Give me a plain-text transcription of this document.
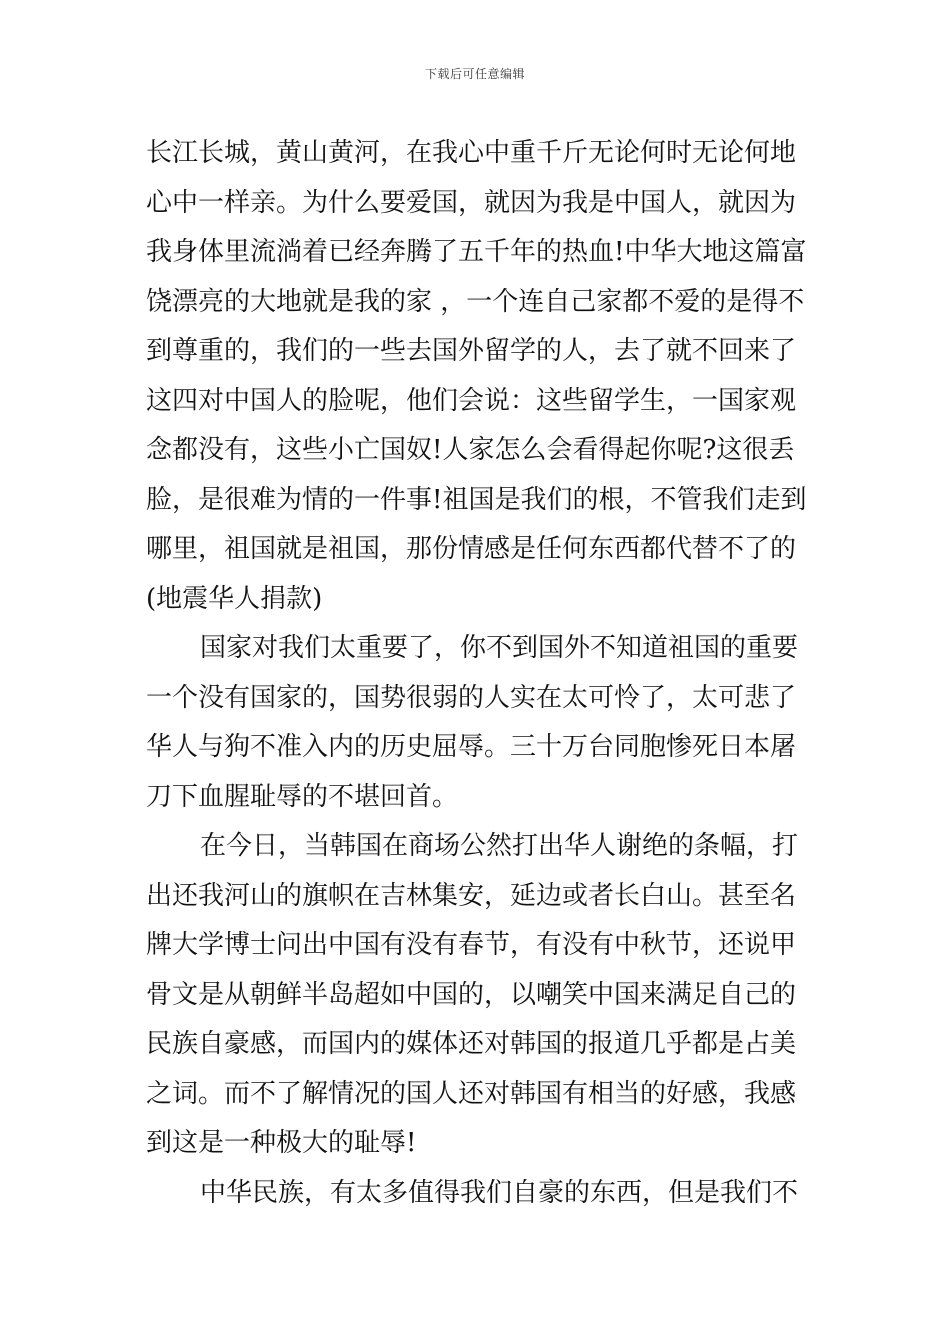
下载后可任意编辑
长江长城，黄山黄河，在我心中重千斤无论何时无论何地
心中一样亲。为什么要爱国，就因为我是中国人，就因为
我身体里流淌着已经奔腾了五千年的热血!中华大地这篇富
饶漂亮的大地就是我的家 ，一个连自己家都不爱的是得不
到尊重的，我们的一些去国外留学的人，去了就不回来了
这四对中国人的脸呢，他们会说：这些留学生，一国家观
念都没有，这些小亡国奴!人家怎么会看得起你呢?这很丢
脸，是很难为情的一件事!祖国是我们的根，不管我们走到
哪里，祖国就是祖国，那份情感是任何东西都代替不了的
(地震华人捐款)
国家对我们太重要了，你不到国外不知道祖国的重要
一个没有国家的，国势很弱的人实在太可怜了，太可悲了
华人与狗不准入内的历史屈辱。三十万台同胞惨死日本屠
刀下血腥耻辱的不堪回首。
在今日，当韩国在商场公然打出华人谢绝的条幅，打
出还我河山的旗帜在吉林集安，延边或者长白山。甚至名
牌大学博士问出中国有没有春节，有没有中秋节，还说甲
骨文是从朝鲜半岛超如中国的，以嘲笑中国来满足自己的
民族自豪感，而国内的媒体还对韩国的报道几乎都是占美
之词。而不了解情况的国人还对韩国有相当的好感，我感
到这是一种极大的耻辱!
中华民族，有太多值得我们自豪的东西，但是我们不
